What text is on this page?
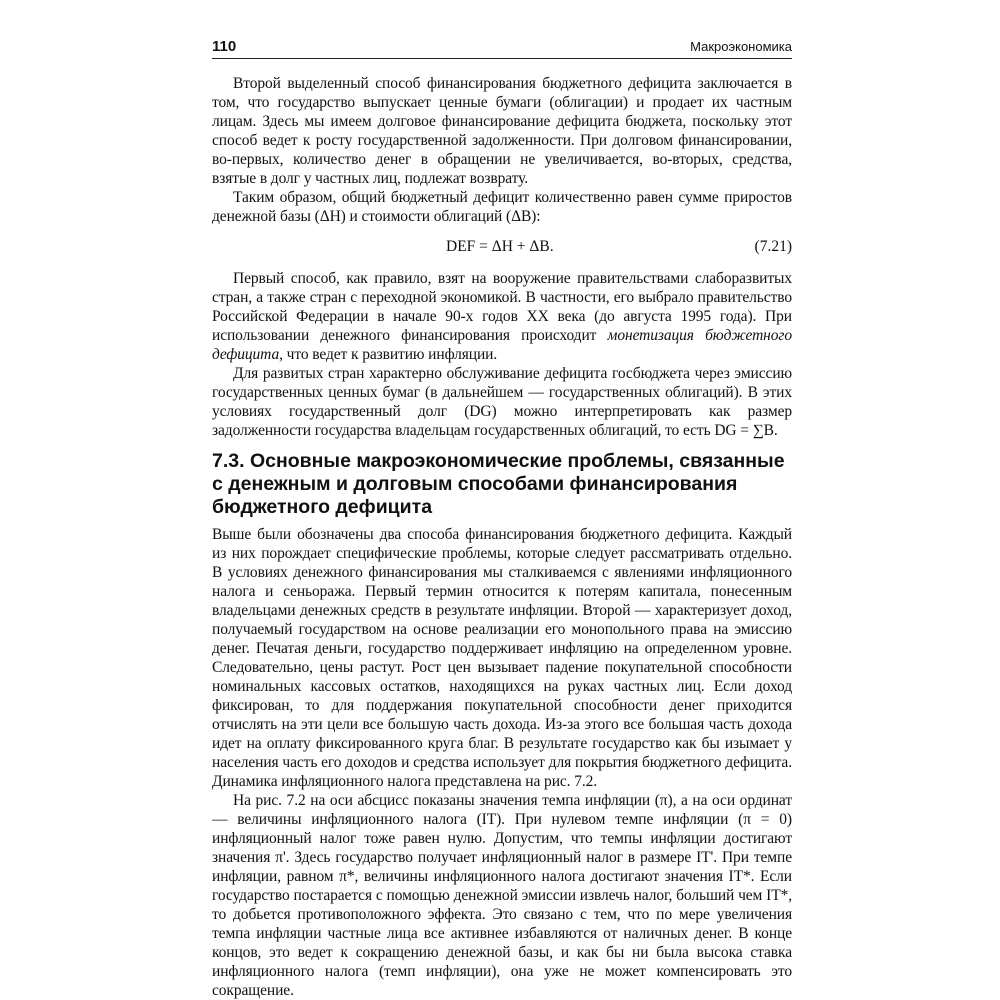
110	Макроэкономика

Второй выделенный способ финансирования бюджетного дефицита заключается в том, что государство выпускает ценные бумаги (облигации) и продает их частным лицам. Здесь мы имеем долговое финансирование дефицита бюджета, поскольку этот способ ведет к росту государственной задолженности. При долговом финансировании, во-первых, количество денег в обращении не увеличивается, во-вторых, средства, взятые в долг у частных лиц, подлежат возврату.

Таким образом, общий бюджетный дефицит количественно равен сумме приростов денежной базы (ΔH) и стоимости облигаций (ΔB):

DEF = ΔH + ΔB.	(7.21)

Первый способ, как правило, взят на вооружение правительствами слаборазвитых стран, а также стран с переходной экономикой. В частности, его выбрало правительство Российской Федерации в начале 90-х годов XX века (до августа 1995 года). При использовании денежного финансирования происходит монетизация бюджетного дефицита, что ведет к развитию инфляции.

Для развитых стран характерно обслуживание дефицита госбюджета через эмиссию государственных ценных бумаг (в дальнейшем — государственных облигаций). В этих условиях государственный долг (DG) можно интерпретировать как размер задолженности государства владельцам государственных облигаций, то есть DG = ∑B.

7.3. Основные макроэкономические проблемы, связанные
с денежным и долговым способами финансирования
бюджетного дефицита

Выше были обозначены два способа финансирования бюджетного дефицита. Каждый из них порождает специфические проблемы, которые следует рассматривать отдельно. В условиях денежного финансирования мы сталкиваемся с явлениями инфляционного налога и сеньоража. Первый термин относится к потерям капитала, понесенным владельцами денежных средств в результате инфляции. Второй — характеризует доход, получаемый государством на основе реализации его монопольного права на эмиссию денег. Печатая деньги, государство поддерживает инфляцию на определенном уровне. Следовательно, цены растут. Рост цен вызывает падение покупательной способности номинальных кассовых остатков, находящихся на руках частных лиц. Если доход фиксирован, то для поддержания покупательной способности денег приходится отчислять на эти цели все большую часть дохода. Из-за этого все большая часть дохода идет на оплату фиксированного круга благ. В результате государство как бы изымает у населения часть его доходов и средства использует для покрытия бюджетного дефицита. Динамика инфляционного налога представлена на рис. 7.2.

На рис. 7.2 на оси абсцисс показаны значения темпа инфляции (π), а на оси ординат — величины инфляционного налога (IT). При нулевом темпе инфляции (π = 0) инфляционный налог тоже равен нулю. Допустим, что темпы инфляции достигают значения π'. Здесь государство получает инфляционный налог в размере IT'. При темпе инфляции, равном π*, величины инфляционного налога достигают значения IT*. Если государство постарается с помощью денежной эмиссии извлечь налог, больший чем IT*, то добьется противоположного эффекта. Это связано с тем, что по мере увеличения темпа инфляции частные лица все активнее избавляются от наличных денег. В конце концов, это ведет к сокращению денежной базы, и как бы ни была высока ставка инфляционного налога (темп инфляции), она уже не может компенсировать это сокращение.
